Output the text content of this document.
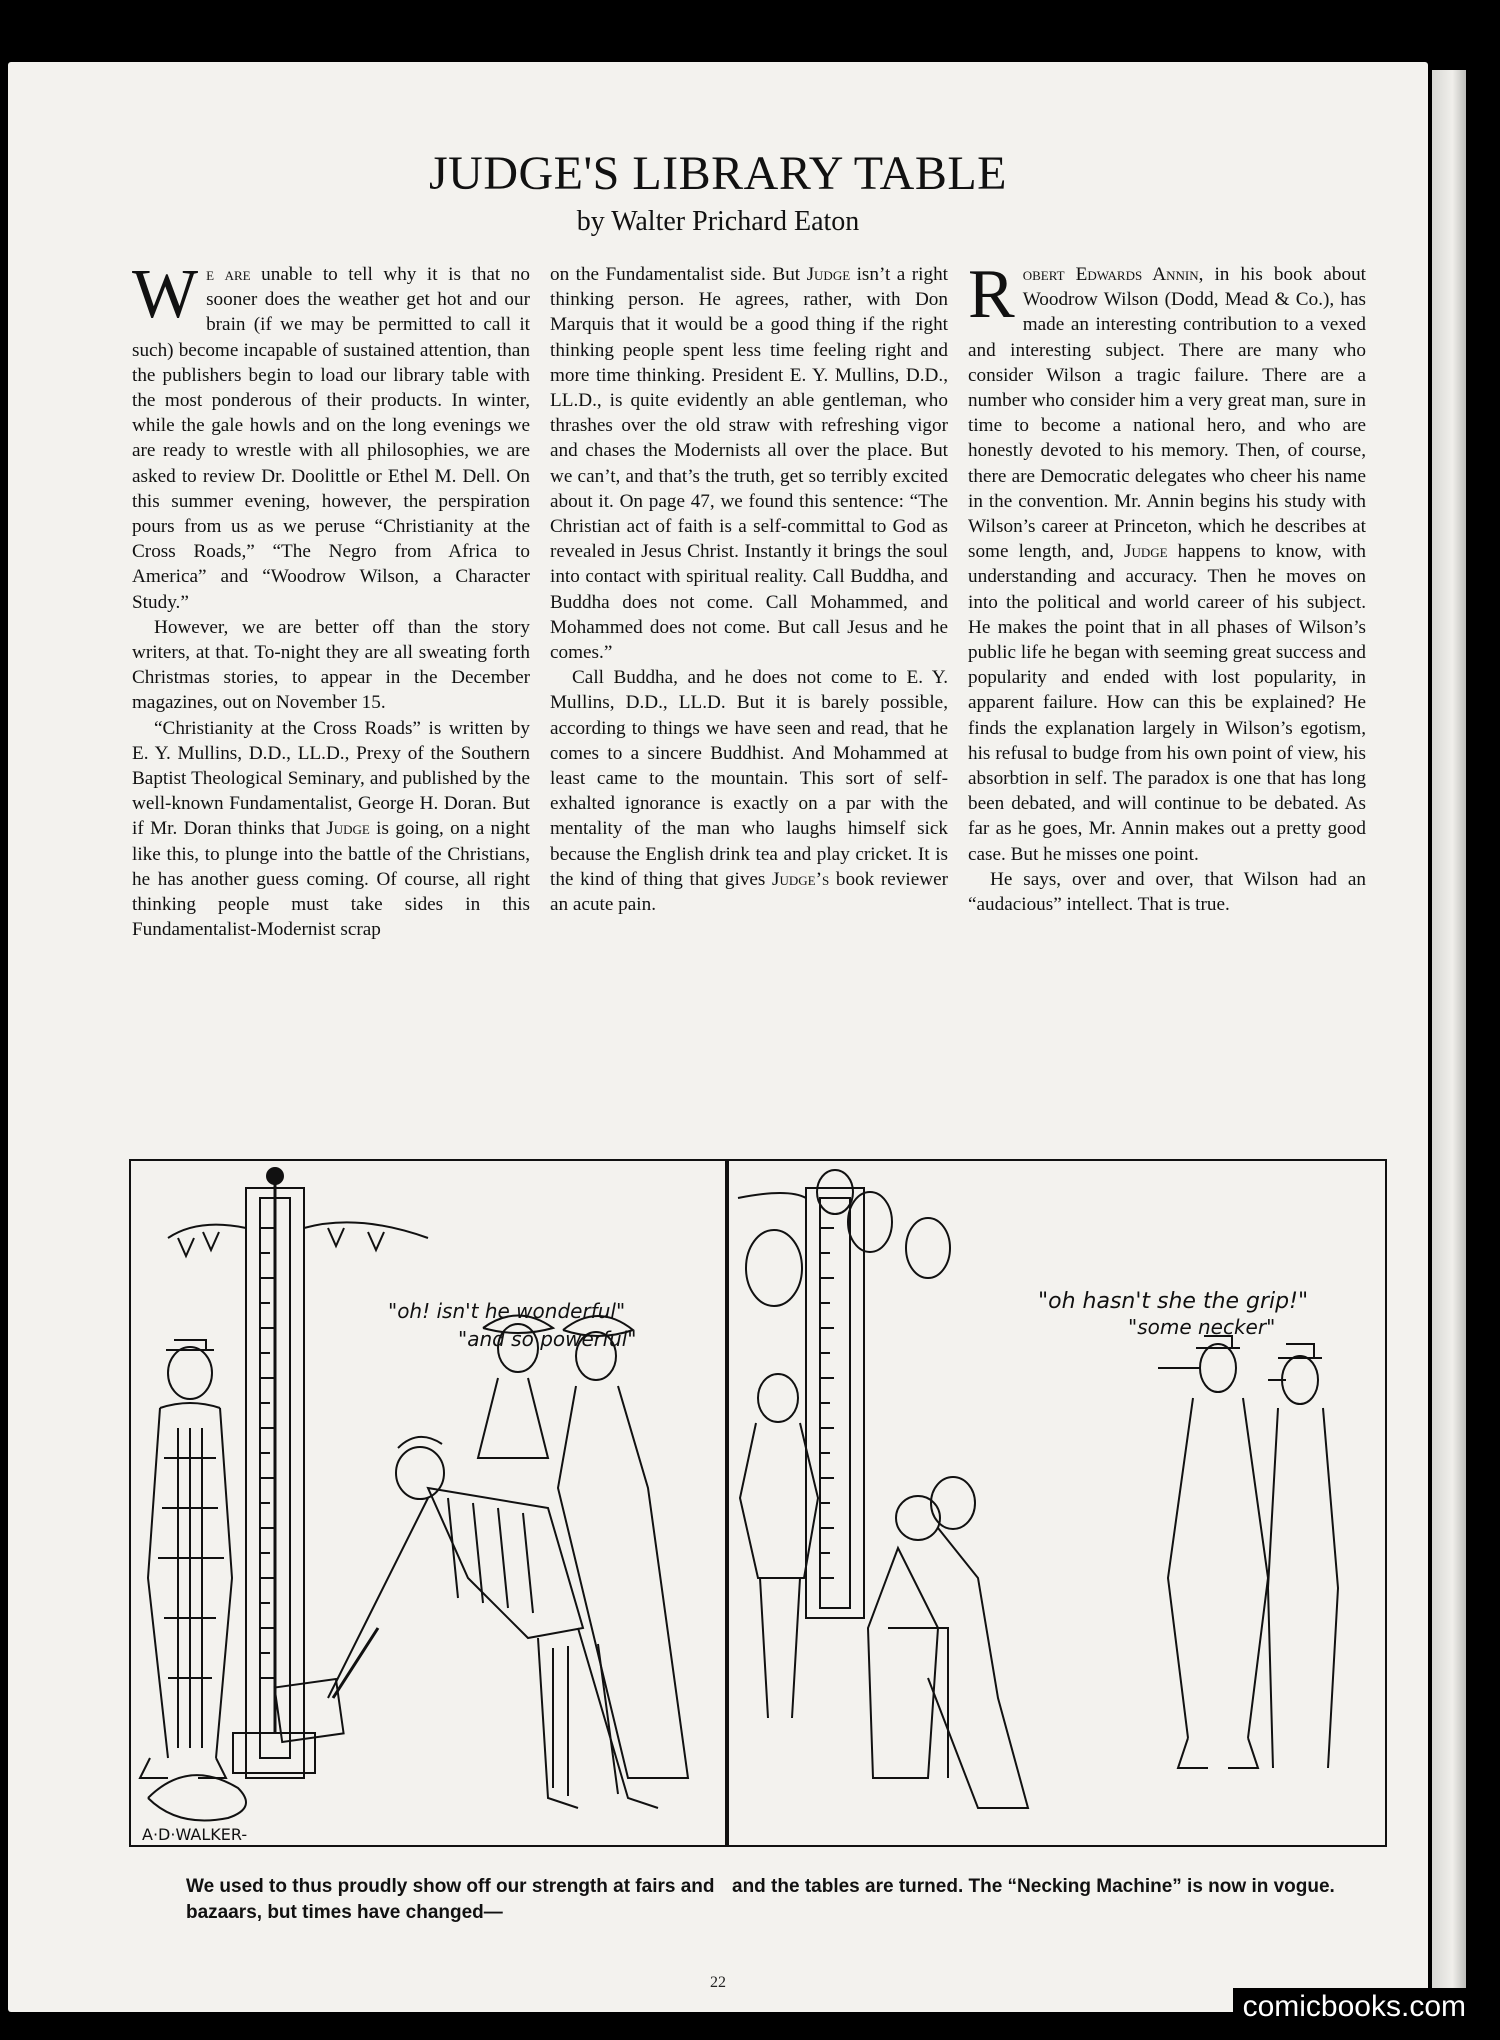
JUDGE'S LIBRARY TABLE
by Walter Prichard Eaton

We are unable to tell why it is that no sooner does the weather get hot and our brain (if we may be permitted to call it such) become incapable of sustained attention, than the publishers begin to load our library table with the most ponderous of their products. In winter, while the gale howls and on the long evenings we are ready to wrestle with all philosophies, we are asked to review Dr. Doolittle or Ethel M. Dell. On this summer evening, however, the perspiration pours from us as we peruse “Christianity at the Cross Roads,” “The Negro from Africa to America” and “Woodrow Wilson, a Character Study.”

However, we are better off than the story writers, at that. To-night they are all sweating forth Christmas stories, to appear in the December magazines, out on November 15.

“Christianity at the Cross Roads” is written by E. Y. Mullins, D.D., LL.D., Prexy of the Southern Baptist Theological Seminary, and published by the well-known Fundamentalist, George H. Doran. But if Mr. Doran thinks that Judge is going, on a night like this, to plunge into the battle of the Christians, he has another guess coming. Of course, all right thinking people must take sides in this Fundamentalist-Modernist scrap

on the Fundamentalist side. But Judge isn’t a right thinking person. He agrees, rather, with Don Marquis that it would be a good thing if the right thinking people spent less time feeling right and more time thinking. President E. Y. Mullins, D.D., LL.D., is quite evidently an able gentleman, who thrashes over the old straw with refreshing vigor and chases the Modernists all over the place. But we can’t, and that’s the truth, get so terribly excited about it. On page 47, we found this sentence: “The Christian act of faith is a self-committal to God as revealed in Jesus Christ. Instantly it brings the soul into contact with spiritual reality. Call Buddha, and Buddha does not come. Call Mohammed, and Mohammed does not come. But call Jesus and he comes.”

Call Buddha, and he does not come to E. Y. Mullins, D.D., LL.D. But it is barely possible, according to things we have seen and read, that he comes to a sincere Buddhist. And Mohammed at least came to the mountain. This sort of self-exhalted ignorance is exactly on a par with the mentality of the man who laughs himself sick because the English drink tea and play cricket. It is the kind of thing that gives Judge’s book reviewer an acute pain.

Robert Edwards Annin, in his book about Woodrow Wilson (Dodd, Mead & Co.), has made an interesting contribution to a vexed and interesting subject. There are many who consider Wilson a tragic failure. There are a number who consider him a very great man, sure in time to become a national hero, and who are honestly devoted to his memory. Then, of course, there are Democratic delegates who cheer his name in the convention. Mr. Annin begins his study with Wilson’s career at Princeton, which he describes at some length, and, Judge happens to know, with understanding and accuracy. Then he moves on into the political and world career of his subject. He makes the point that in all phases of Wilson’s public life he began with seeming great success and popularity and ended with lost popularity, in apparent failure. How can this be explained? He finds the explanation largely in Wilson’s egotism, his refusal to budge from his own point of view, his absorbtion in self. The paradox is one that has long been debated, and will continue to be debated. As far as he goes, Mr. Annin makes out a pretty good case. But he misses one point.

He says, over and over, that Wilson had an “audacious” intellect. That is true.

"oh! isn't he wonderful"
"and so powerful"
"oh hasn't she the grip!"
"some necker"
A·D·WALKER-
We used to thus proudly show off our strength at fairs and bazaars, but times have changed—
and the tables are turned. The “Necking Machine” is now in vogue.
22
comicbooks.com
